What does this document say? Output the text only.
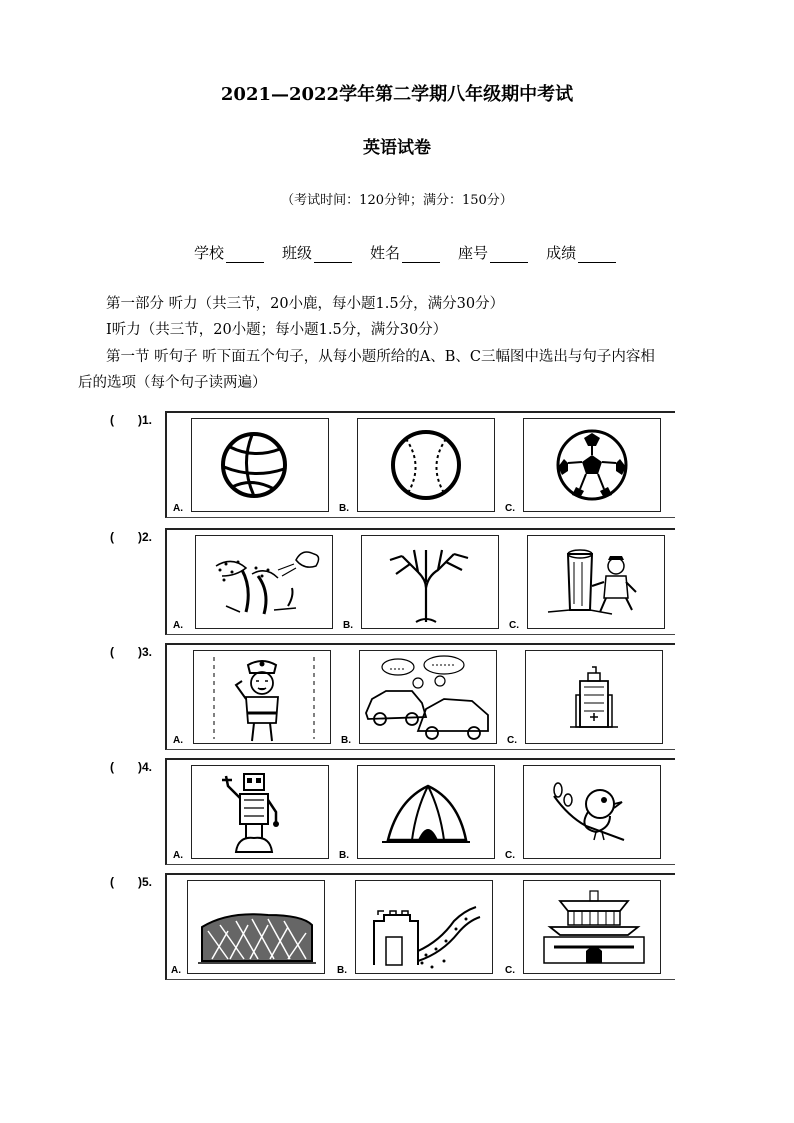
2021—2022学年第二学期八年级期中考试
英语试卷
（考试时间：120分钟；满分：150分）
学校	班级	姓名	座号	成绩
第一部分 听力（共三节，20小鹿，每小题1.5分，满分30分）
I听力（共三节，20小题；每小题1.5分，满分30分）
第一节 听句子 听下面五个句子，从每小题所给的A、B、C三幅图中选出与句子内容相
后的选项（每个句子读两遍）
(　　)1.
A.	B.	C.
(　　)2.
A.	B.	C.
(　　)3.
A.	B.	C.
(　　)4.
A.	B.	C.
(　　)5.
A.	B.	C.
